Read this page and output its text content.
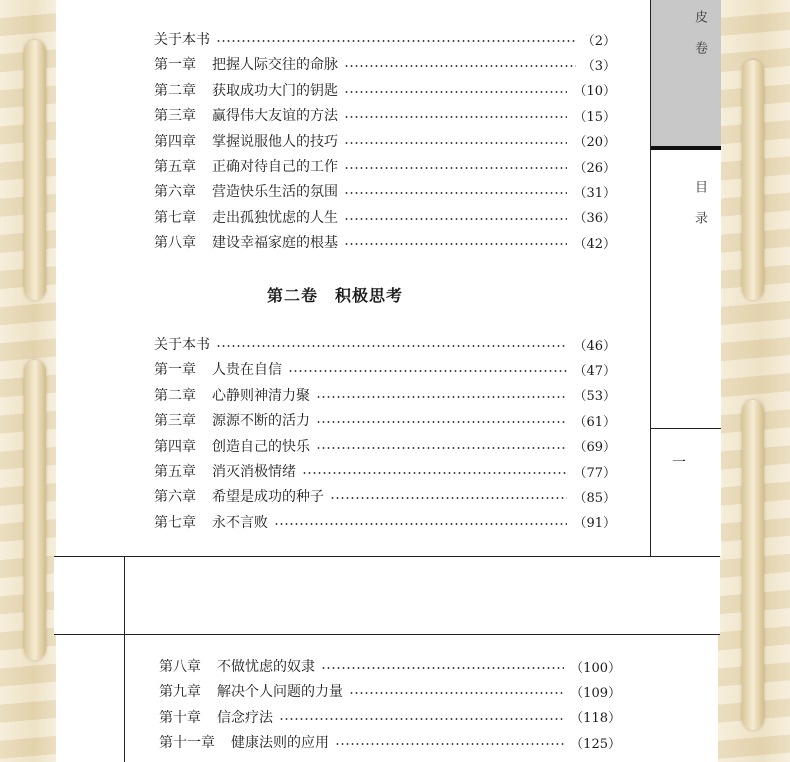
皮卷
目录
一
关于本书	（2）
第一章 把握人际交往的命脉	（3）
第二章 获取成功大门的钥匙	（10）
第三章 赢得伟大友谊的方法	（15）
第四章 掌握说服他人的技巧	（20）
第五章 正确对待自己的工作	（26）
第六章 营造快乐生活的氛围	（31）
第七章 走出孤独忧虑的人生	（36）
第八章 建设幸福家庭的根基	（42）
第二卷　积极思考
关于本书	（46）
第一章 人贵在自信	（47）
第二章 心静则神清力聚	（53）
第三章 源源不断的活力	（61）
第四章 创造自己的快乐	（69）
第五章 消灭消极情绪	（77）
第六章 希望是成功的种子	（85）
第七章 永不言败	（91）
第八章 不做忧虑的奴隶	（100）
第九章 解决个人问题的力量	（109）
第十章 信念疗法	（118）
第十一章 健康法则的应用	（125）
